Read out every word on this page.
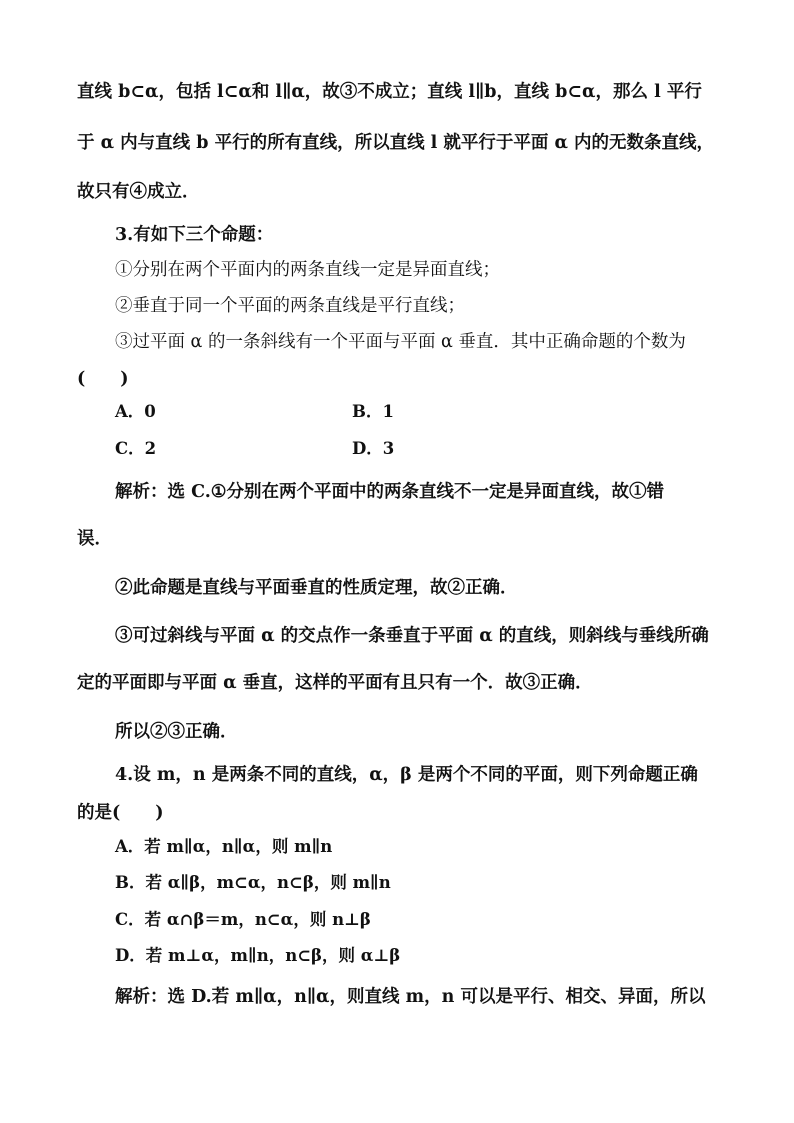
直线 b⊂α，包括 l⊂α和 l∥α，故③不成立；直线 l∥b，直线 b⊂α，那么 l 平行
于 α 内与直线 b 平行的所有直线，所以直线 l 就平行于平面 α 内的无数条直线，
故只有④成立．
3.有如下三个命题：
①分别在两个平面内的两条直线一定是异面直线；
②垂直于同一个平面的两条直线是平行直线；
③过平面 α 的一条斜线有一个平面与平面 α 垂直．其中正确命题的个数为
(　　)
A．0	B．1
C．2	D．3
解析：选 C.①分别在两个平面中的两条直线不一定是异面直线，故①错
误．
②此命题是直线与平面垂直的性质定理，故②正确．
③可过斜线与平面 α 的交点作一条垂直于平面 α 的直线，则斜线与垂线所确
定的平面即与平面 α 垂直，这样的平面有且只有一个．故③正确．
所以②③正确．
4.设 m，n 是两条不同的直线，α，β 是两个不同的平面，则下列命题正确
的是(　　)
A．若 m∥α，n∥α，则 m∥n
B．若 α∥β，m⊂α，n⊂β，则 m∥n
C．若 α∩β＝m，n⊂α，则 n⊥β
D．若 m⊥α，m∥n，n⊂β，则 α⊥β
解析：选 D.若 m∥α，n∥α，则直线 m，n 可以是平行、相交、异面，所以
